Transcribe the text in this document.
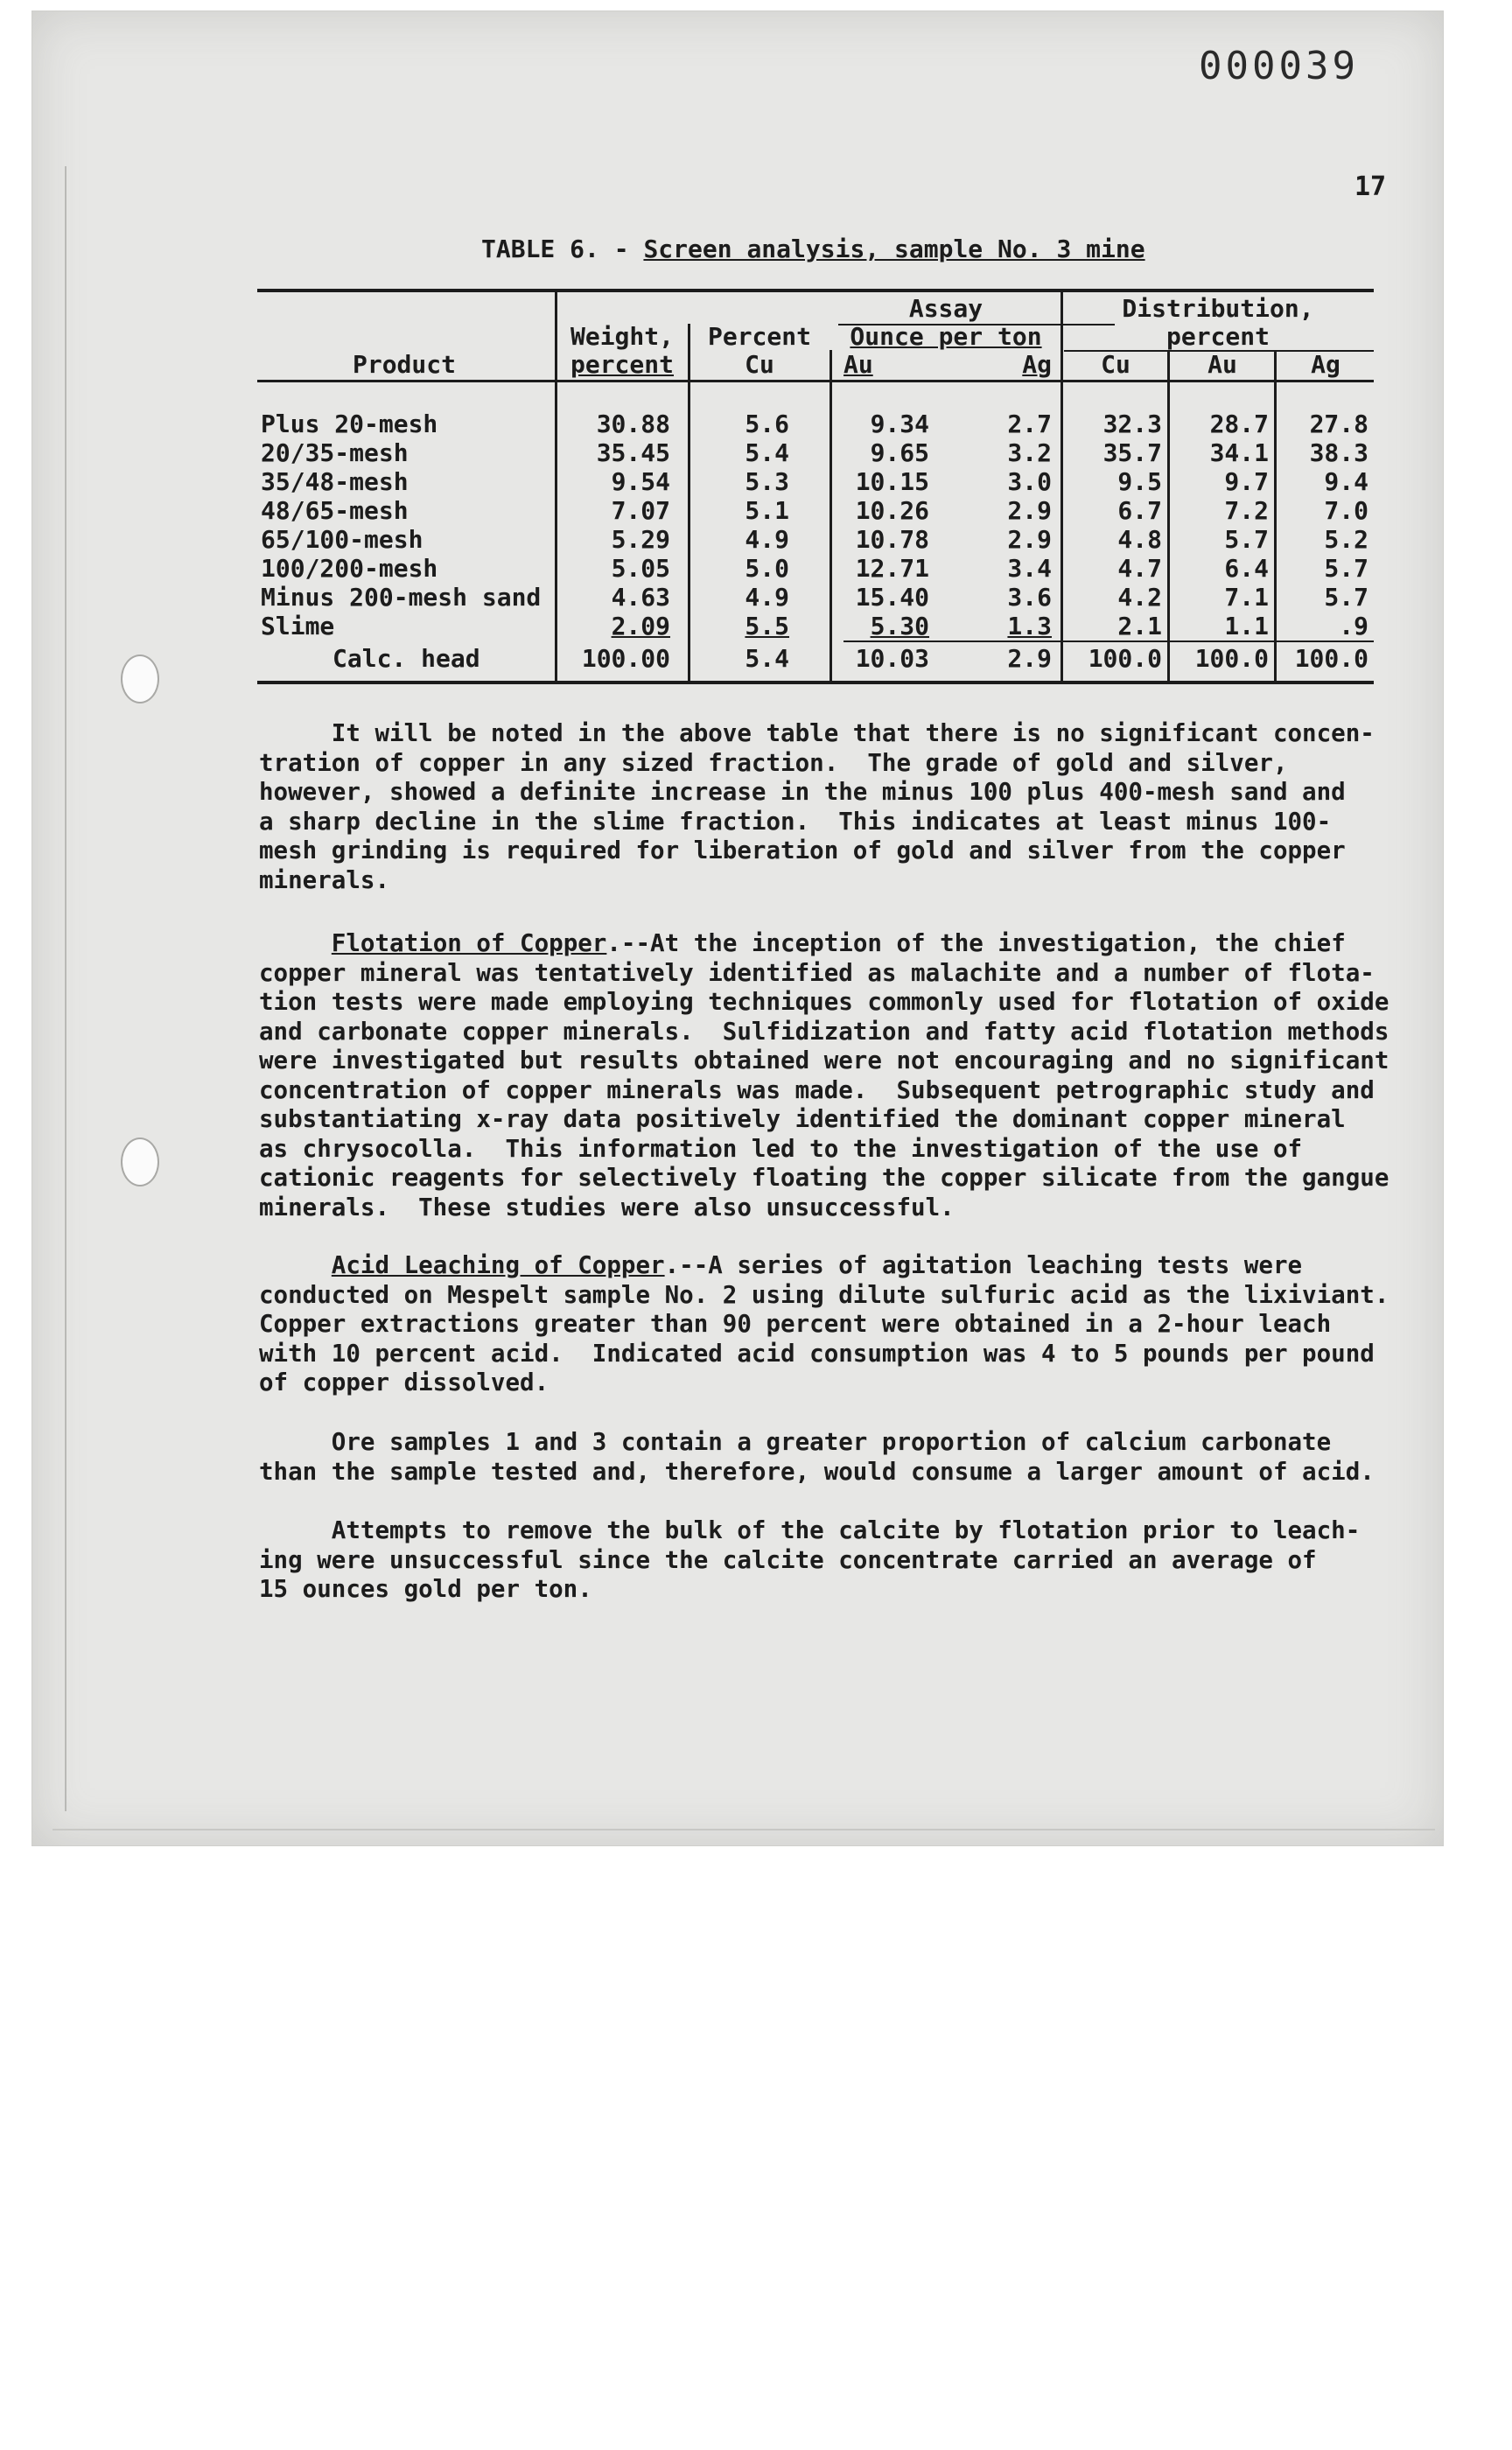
000039
17
TABLE 6. - Screen analysis, sample No. 3 mine
Product
Weight,
percent
Percent
Cu
Assay
Ounce per ton
Au	Ag
Distribution,
percent
Cu	Au	Ag
Plus 20-mesh	30.88	5.6	9.34	2.7	32.3	28.7	27.8
20/35-mesh	35.45	5.4	9.65	3.2	35.7	34.1	38.3
35/48-mesh	9.54	5.3	10.15	3.0	9.5	9.7	9.4
48/65-mesh	7.07	5.1	10.26	2.9	6.7	7.2	7.0
65/100-mesh	5.29	4.9	10.78	2.9	4.8	5.7	5.2
100/200-mesh	5.05	5.0	12.71	3.4	4.7	6.4	5.7
Minus 200-mesh sand	4.63	4.9	15.40	3.6	4.2	7.1	5.7
Slime	2.09	5.5	5.30	1.3	2.1	1.1	.9
Calc. head	100.00	5.4	10.03	2.9	100.0	100.0	100.0
It will be noted in the above table that there is no significant concen-
tration of copper in any sized fraction.  The grade of gold and silver,
however, showed a definite increase in the minus 100 plus 400-mesh sand and
a sharp decline in the slime fraction.  This indicates at least minus 100-
mesh grinding is required for liberation of gold and silver from the copper
minerals.
Flotation of Copper.--At the inception of the investigation, the chief
copper mineral was tentatively identified as malachite and a number of flota-
tion tests were made employing techniques commonly used for flotation of oxide
and carbonate copper minerals.  Sulfidization and fatty acid flotation methods
were investigated but results obtained were not encouraging and no significant
concentration of copper minerals was made.  Subsequent petrographic study and
substantiating x-ray data positively identified the dominant copper mineral
as chrysocolla.  This information led to the investigation of the use of
cationic reagents for selectively floating the copper silicate from the gangue
minerals.  These studies were also unsuccessful.
Acid Leaching of Copper.--A series of agitation leaching tests were
conducted on Mespelt sample No. 2 using dilute sulfuric acid as the lixiviant.
Copper extractions greater than 90 percent were obtained in a 2-hour leach
with 10 percent acid.  Indicated acid consumption was 4 to 5 pounds per pound
of copper dissolved.
Ore samples 1 and 3 contain a greater proportion of calcium carbonate
than the sample tested and, therefore, would consume a larger amount of acid.
Attempts to remove the bulk of the calcite by flotation prior to leach-
ing were unsuccessful since the calcite concentrate carried an average of
15 ounces gold per ton.
